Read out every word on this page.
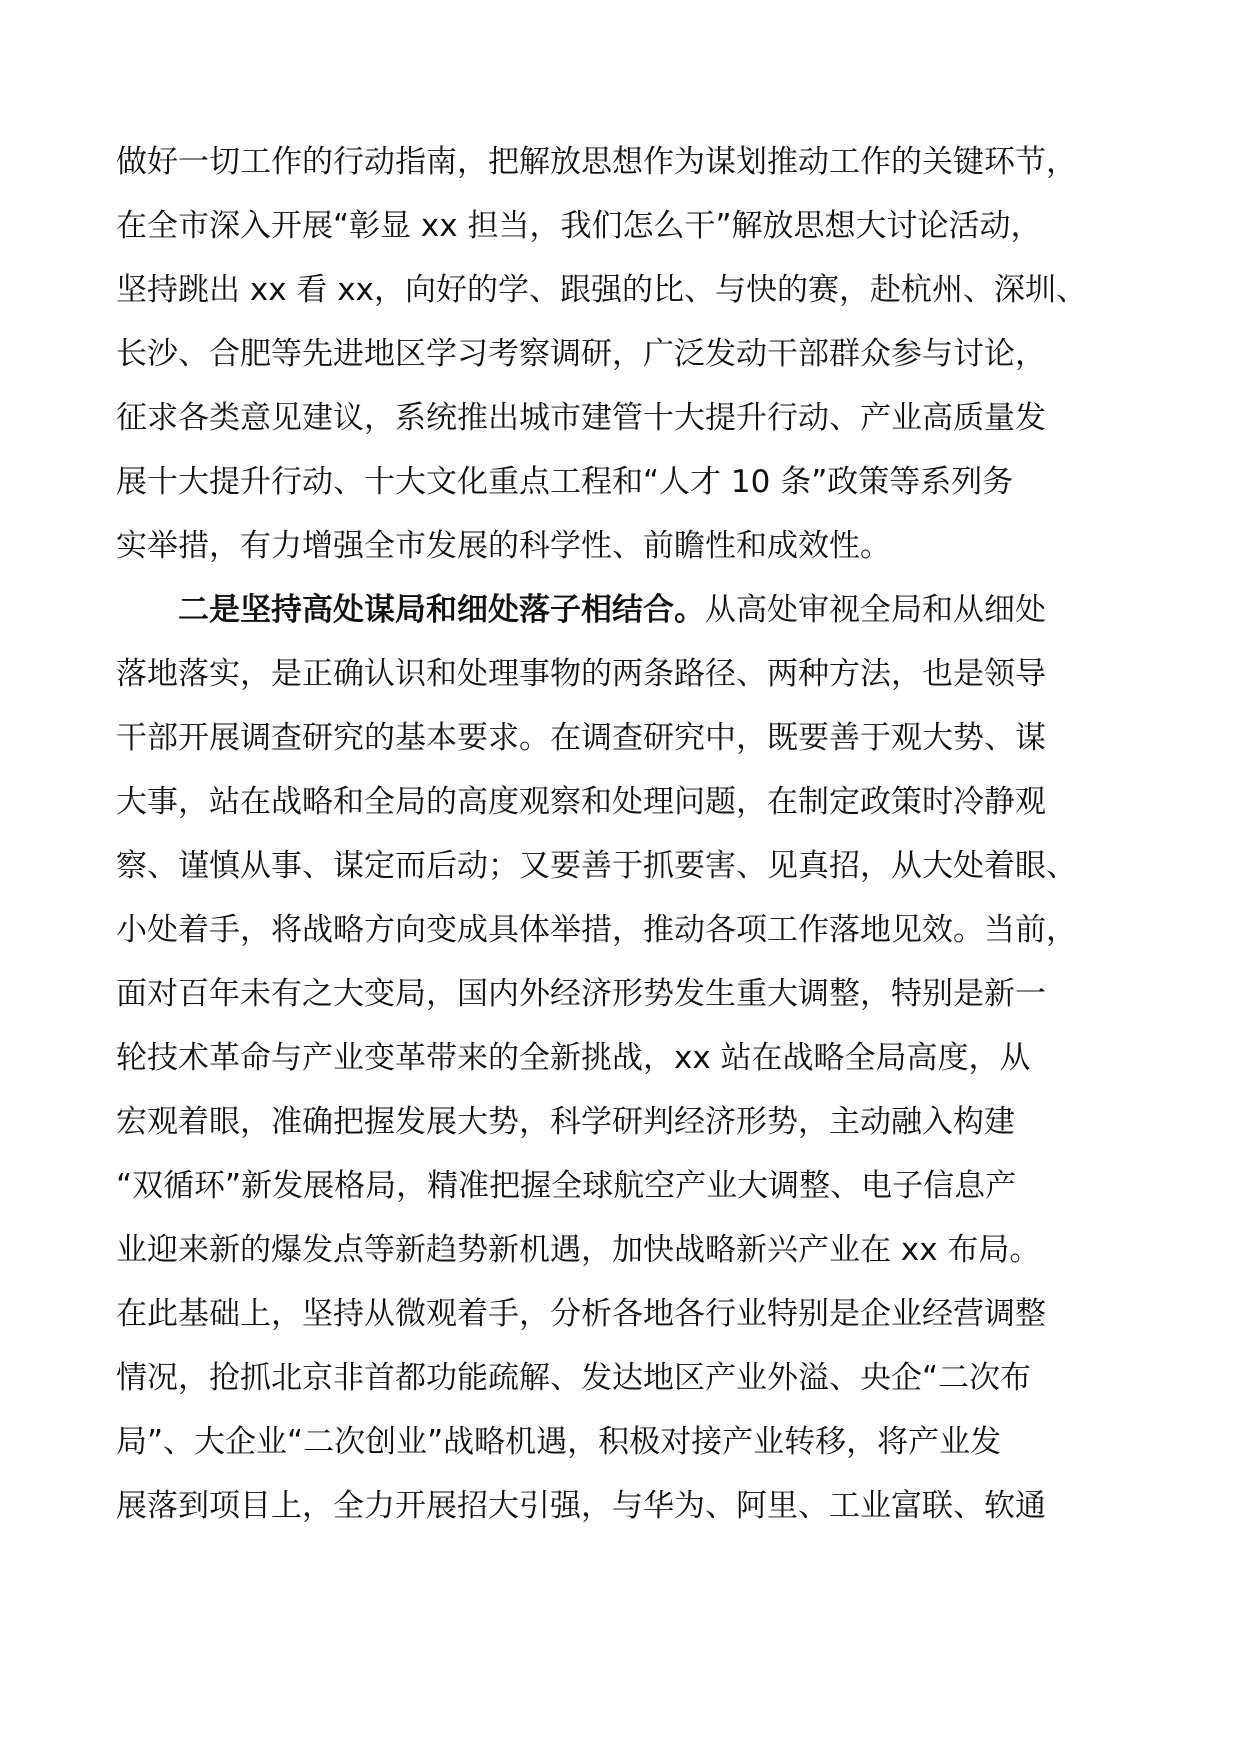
做好一切工作的行动指南，把解放思想作为谋划推动工作的关键环节，
在全市深入开展“彰显 xx 担当，我们怎么干”解放思想大讨论活动，
坚持跳出 xx 看 xx，向好的学、跟强的比、与快的赛，赴杭州、深圳、
长沙、合肥等先进地区学习考察调研，广泛发动干部群众参与讨论，
征求各类意见建议，系统推出城市建管十大提升行动、产业高质量发
展十大提升行动、十大文化重点工程和“人才 10 条”政策等系列务
实举措，有力增强全市发展的科学性、前瞻性和成效性。
二是坚持高处谋局和细处落子相结合。从高处审视全局和从细处
落地落实，是正确认识和处理事物的两条路径、两种方法，也是领导
干部开展调查研究的基本要求。在调查研究中，既要善于观大势、谋
大事，站在战略和全局的高度观察和处理问题，在制定政策时冷静观
察、谨慎从事、谋定而后动；又要善于抓要害、见真招，从大处着眼、
小处着手，将战略方向变成具体举措，推动各项工作落地见效。当前，
面对百年未有之大变局，国内外经济形势发生重大调整，特别是新一
轮技术革命与产业变革带来的全新挑战，xx 站在战略全局高度，从
宏观着眼，准确把握发展大势，科学研判经济形势，主动融入构建
“双循环”新发展格局，精准把握全球航空产业大调整、电子信息产
业迎来新的爆发点等新趋势新机遇，加快战略新兴产业在 xx 布局。
在此基础上，坚持从微观着手，分析各地各行业特别是企业经营调整
情况，抢抓北京非首都功能疏解、发达地区产业外溢、央企“二次布
局”、大企业“二次创业”战略机遇，积极对接产业转移，将产业发
展落到项目上，全力开展招大引强，与华为、阿里、工业富联、软通
